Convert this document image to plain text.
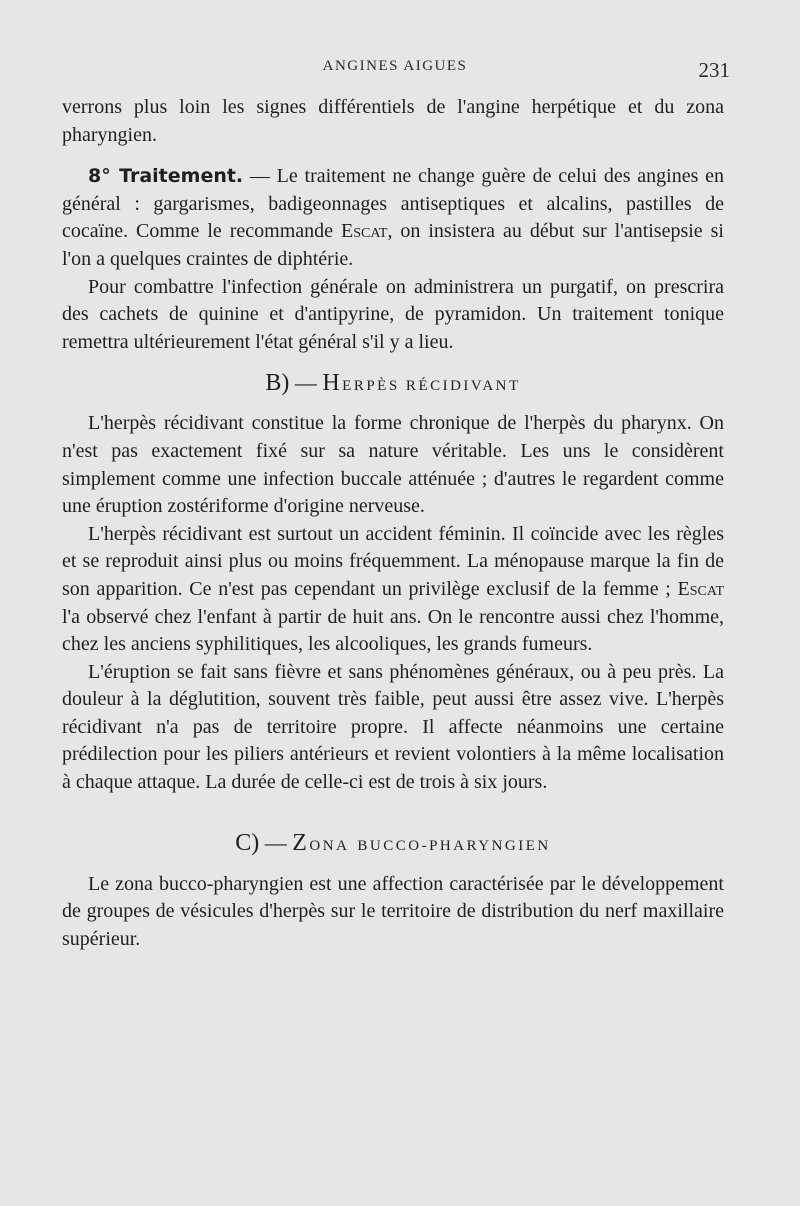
ANGINES AIGUES	231

verrons plus loin les signes différentiels de l'angine herpétique et du zona pharyngien.

8° Traitement. — Le traitement ne change guère de celui des angines en général : gargarismes, badigeonnages antiseptiques et alcalins, pastilles de cocaïne. Comme le recommande Escat, on insistera au début sur l'antisepsie si l'on a quelques craintes de diphtérie.

Pour combattre l'infection générale on administrera un purgatif, on prescrira des cachets de quinine et d'antipyrine, de pyramidon. Un traitement tonique remettra ultérieurement l'état général s'il y a lieu.

B) — HERPÈS RÉCIDIVANT

L'herpès récidivant constitue la forme chronique de l'herpès du pharynx. On n'est pas exactement fixé sur sa nature véritable. Les uns le considèrent simplement comme une infection buccale atténuée ; d'autres le regardent comme une éruption zostériforme d'origine nerveuse.

L'herpès récidivant est surtout un accident féminin. Il coïncide avec les règles et se reproduit ainsi plus ou moins fréquemment. La ménopause marque la fin de son apparition. Ce n'est pas cependant un privilège exclusif de la femme ; Escat l'a observé chez l'enfant à partir de huit ans. On le rencontre aussi chez l'homme, chez les anciens syphilitiques, les alcooliques, les grands fumeurs.

L'éruption se fait sans fièvre et sans phénomènes généraux, ou à peu près. La douleur à la déglutition, souvent très faible, peut aussi être assez vive. L'herpès récidivant n'a pas de territoire propre. Il affecte néanmoins une certaine prédilection pour les piliers antérieurs et revient volontiers à la même localisation à chaque attaque. La durée de celle-ci est de trois à six jours.

C) — ZONA BUCCO-PHARYNGIEN

Le zona bucco-pharyngien est une affection caractérisée par le développement de groupes de vésicules d'herpès sur le territoire de distribution du nerf maxillaire supérieur.
